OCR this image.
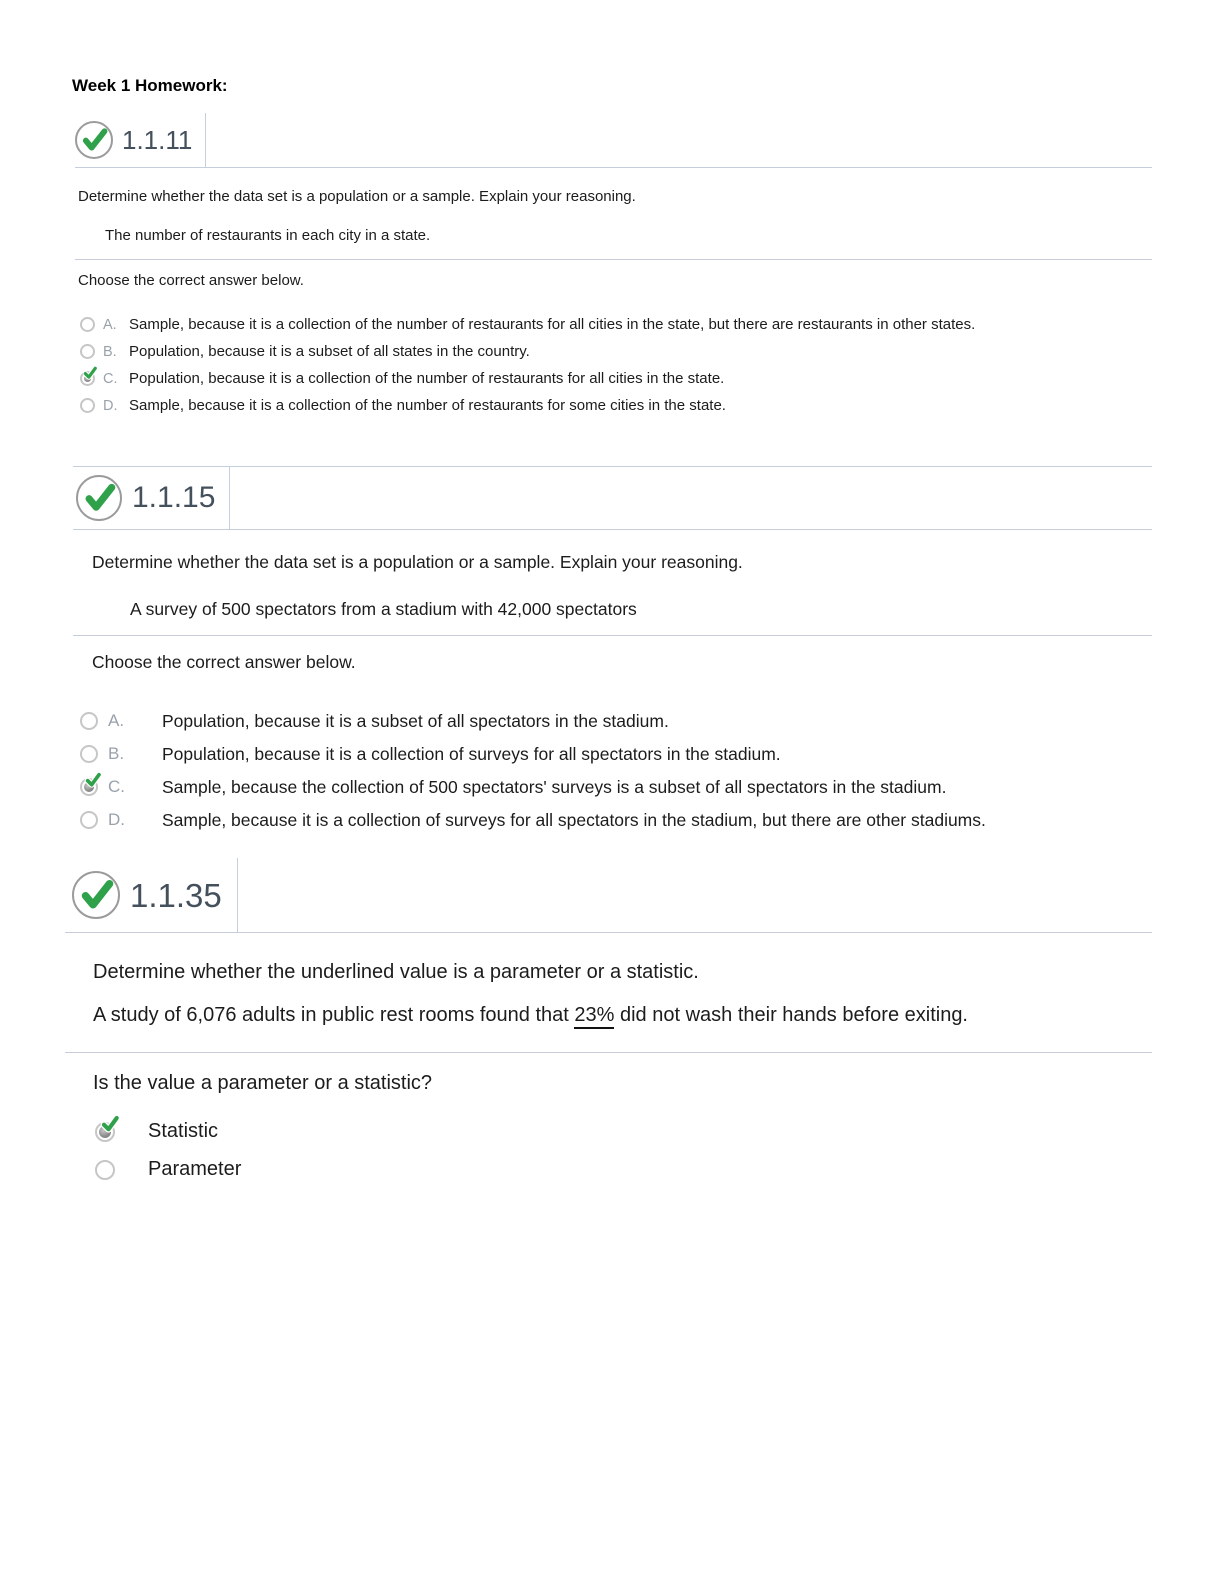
Week 1 Homework:
1.1.11
Determine whether the data set is a population or a sample. Explain your reasoning.
The number of restaurants in each city in a state.
Choose the correct answer below.
A. Sample, because it is a collection of the number of restaurants for all cities in the state, but there are restaurants in other states.
B. Population, because it is a subset of all states in the country.
C. Population, because it is a collection of the number of restaurants for all cities in the state.
D. Sample, because it is a collection of the number of restaurants for some cities in the state.
1.1.15
Determine whether the data set is a population or a sample. Explain your reasoning.
A survey of 500 spectators from a stadium with 42,000 spectators
Choose the correct answer below.
A.	Population, because it is a subset of all spectators in the stadium.
B.	Population, because it is a collection of surveys for all spectators in the stadium.
C.	Sample, because the collection of 500 spectators' surveys is a subset of all spectators in the stadium.
D.	Sample, because it is a collection of surveys for all spectators in the stadium, but there are other stadiums.
1.1.35
Determine whether the underlined value is a parameter or a statistic.
A study of 6,076 adults in public rest rooms found that 23% did not wash their hands before exiting.
Is the value a parameter or a statistic?
Statistic
Parameter
